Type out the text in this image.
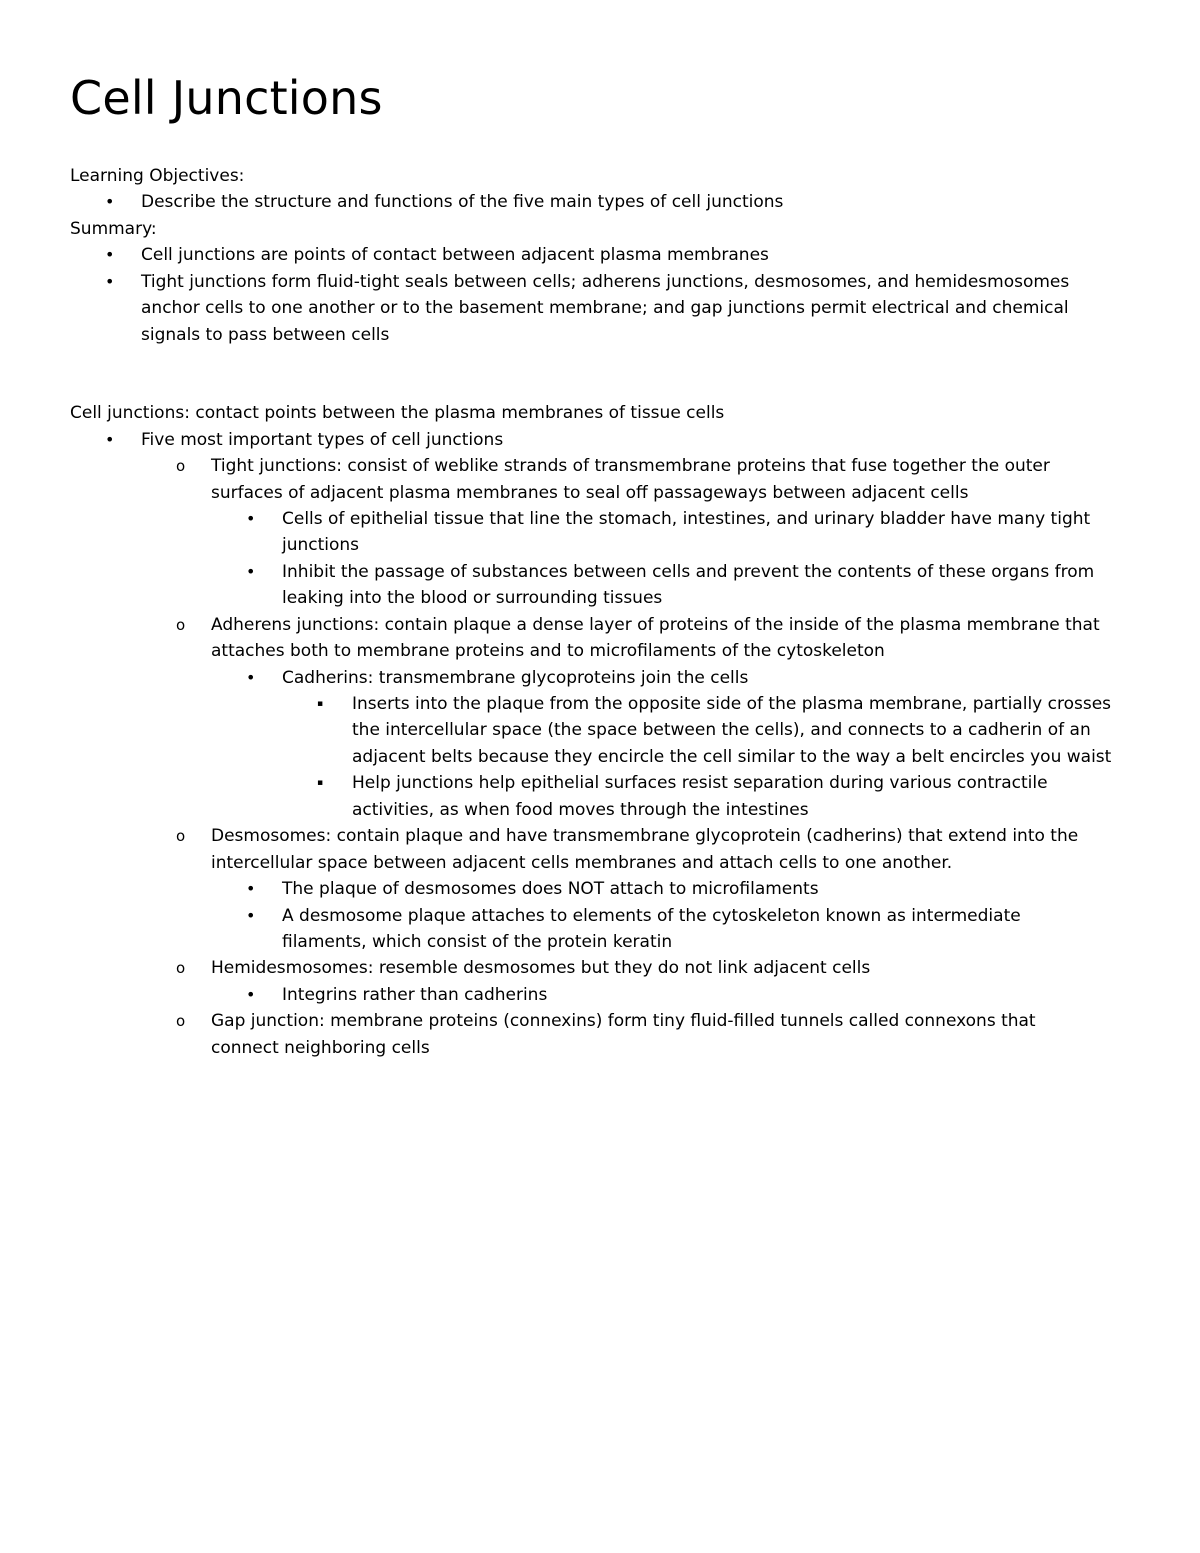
Cell Junctions
Learning Objectives:
• Describe the structure and functions of the five main types of cell junctions
Summary:
• Cell junctions are points of contact between adjacent plasma membranes
• Tight junctions form fluid-tight seals between cells; adherens junctions, desmosomes, and hemidesmosomes
anchor cells to one another or to the basement membrane; and gap junctions permit electrical and chemical
signals to pass between cells
Cell junctions: contact points between the plasma membranes of tissue cells
• Five most important types of cell junctions
o Tight junctions: consist of weblike strands of transmembrane proteins that fuse together the outer
surfaces of adjacent plasma membranes to seal off passageways between adjacent cells
• Cells of epithelial tissue that line the stomach, intestines, and urinary bladder have many tight
junctions
• Inhibit the passage of substances between cells and prevent the contents of these organs from
leaking into the blood or surrounding tissues
o Adherens junctions: contain plaque a dense layer of proteins of the inside of the plasma membrane that
attaches both to membrane proteins and to microfilaments of the cytoskeleton
• Cadherins: transmembrane glycoproteins join the cells
▪ Inserts into the plaque from the opposite side of the plasma membrane, partially crosses
the intercellular space (the space between the cells), and connects to a cadherin of an
adjacent belts because they encircle the cell similar to the way a belt encircles you waist
▪ Help junctions help epithelial surfaces resist separation during various contractile
activities, as when food moves through the intestines
o Desmosomes: contain plaque and have transmembrane glycoprotein (cadherins) that extend into the
intercellular space between adjacent cells membranes and attach cells to one another.
• The plaque of desmosomes does NOT attach to microfilaments
• A desmosome plaque attaches to elements of the cytoskeleton known as intermediate
filaments, which consist of the protein keratin
o Hemidesmosomes: resemble desmosomes but they do not link adjacent cells
• Integrins rather than cadherins
o Gap junction: membrane proteins (connexins) form tiny fluid-filled tunnels called connexons that
connect neighboring cells
